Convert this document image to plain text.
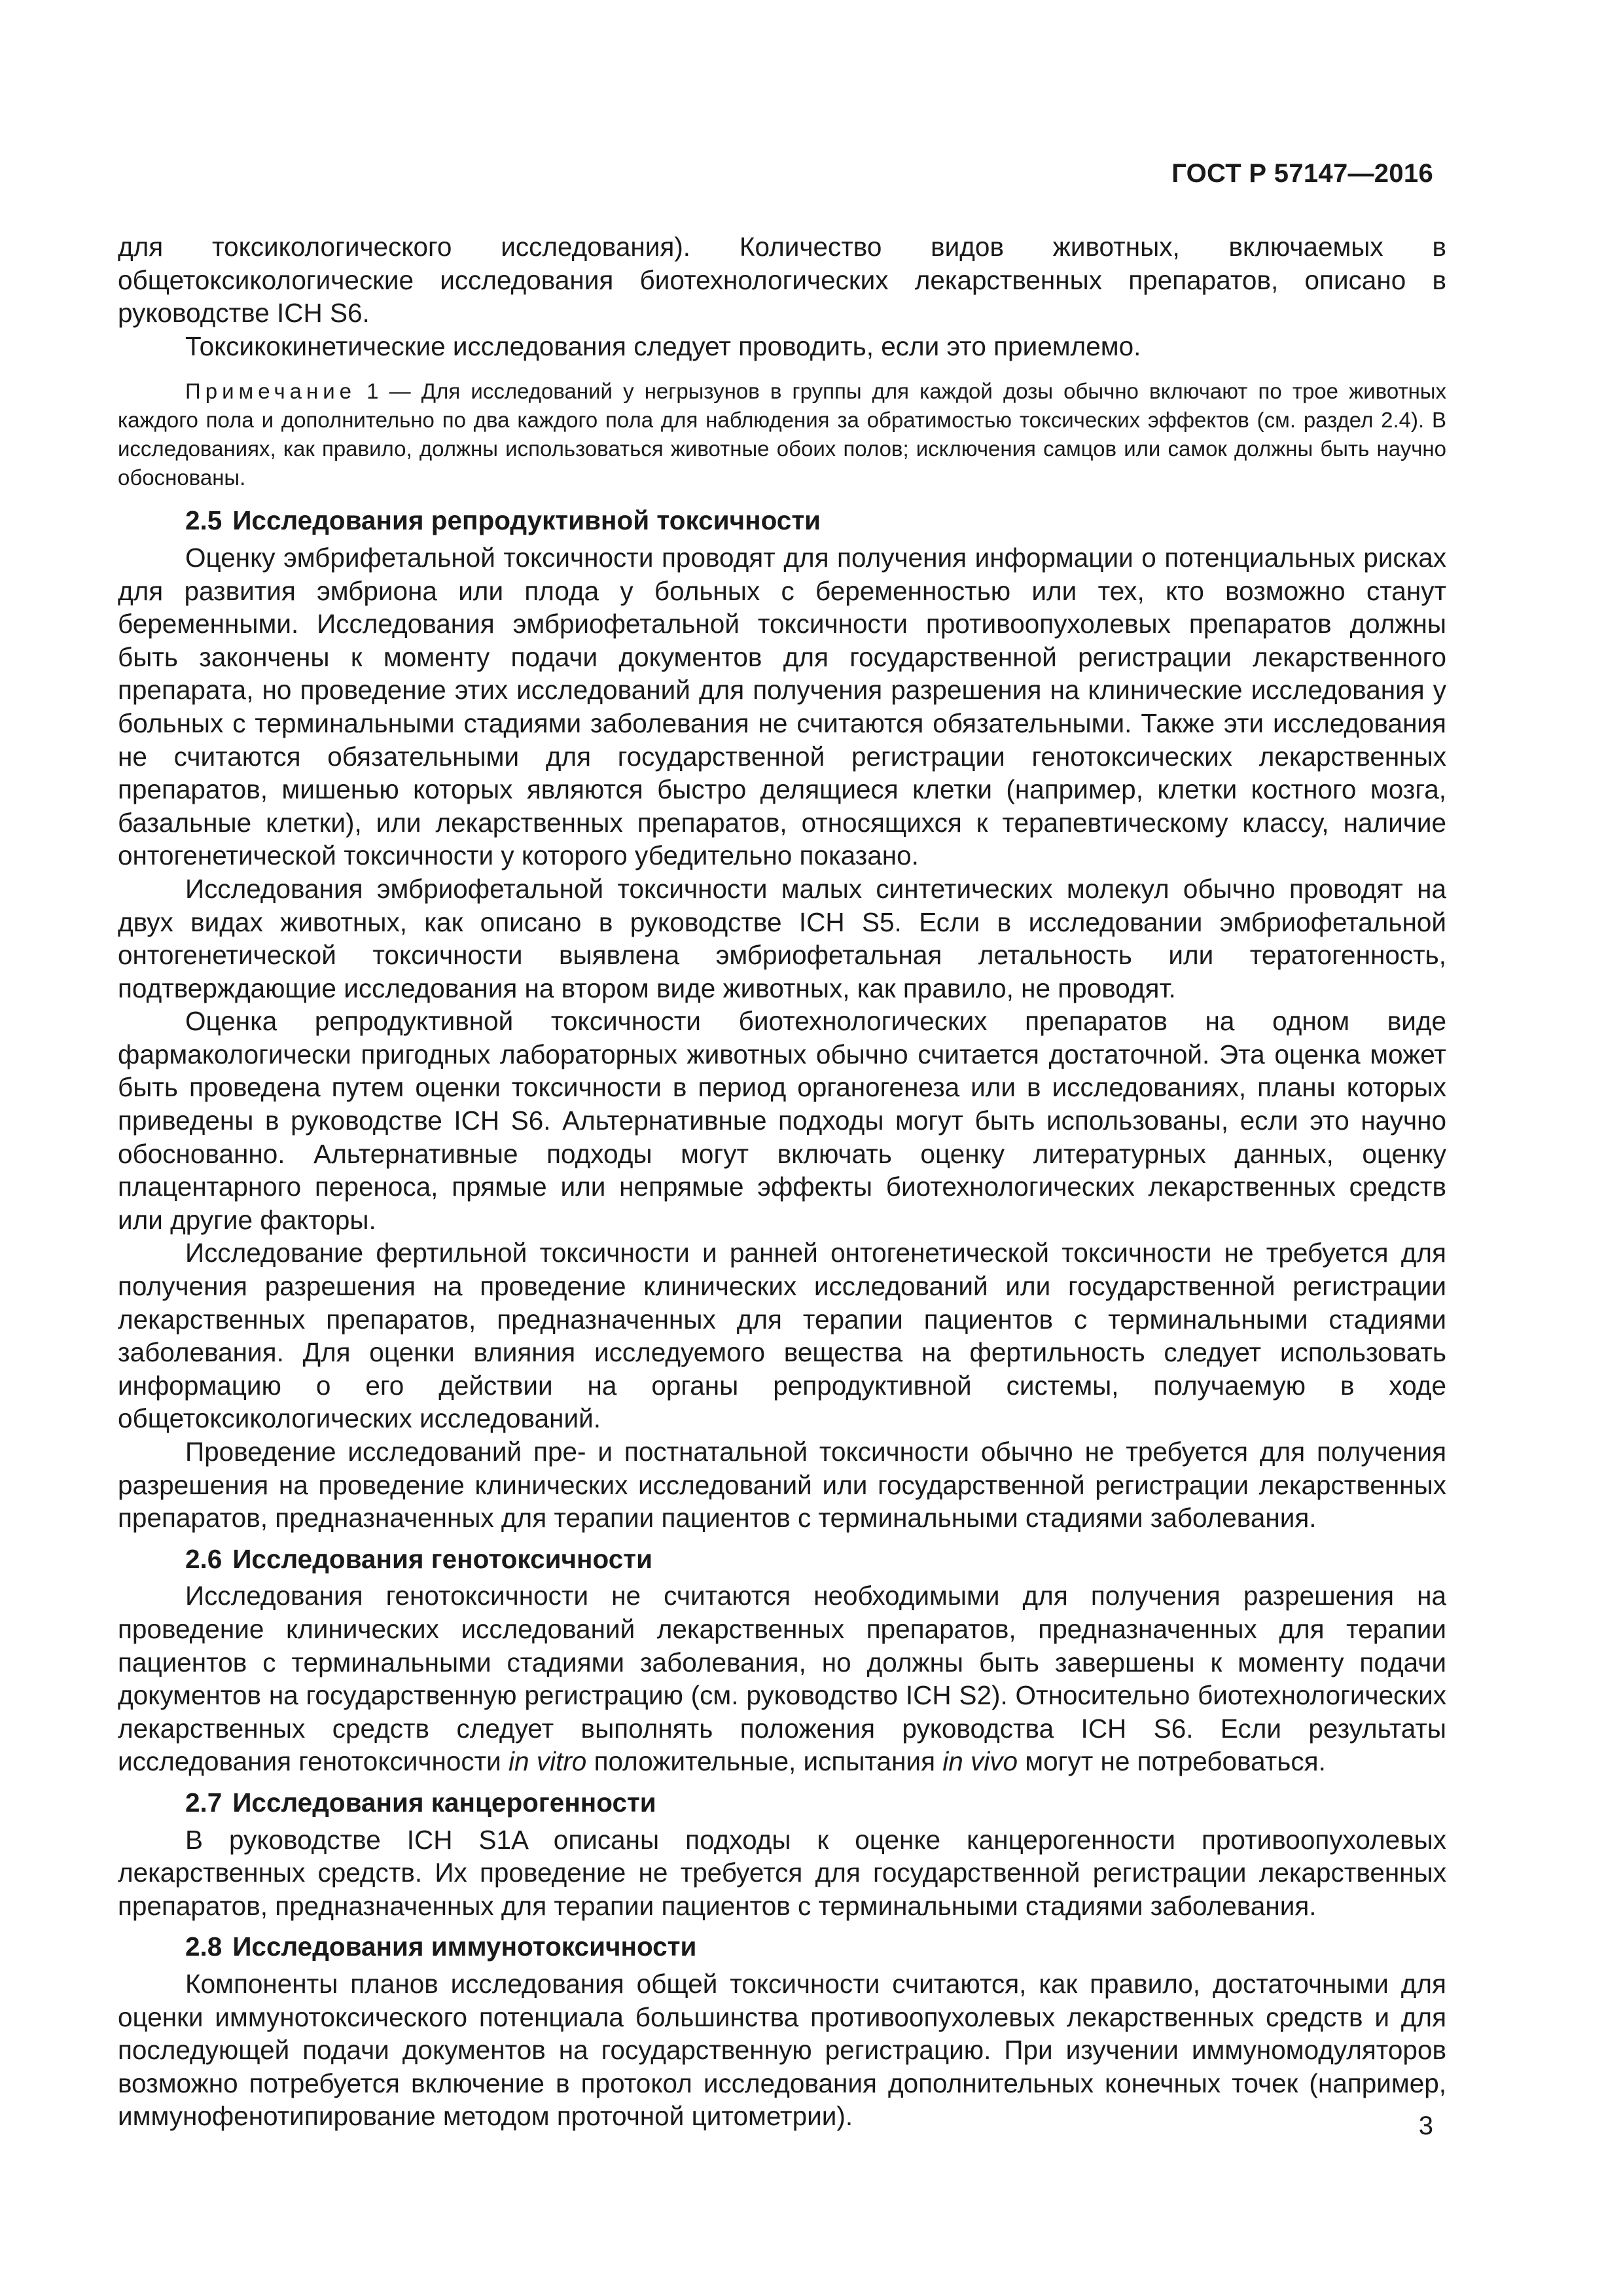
ГОСТ Р 57147—2016

для токсикологического исследования). Количество видов животных, включаемых в общетоксикологические исследования биотехнологических лекарственных препаратов, описано в руководстве ICH S6.

Токсикокинетические исследования следует проводить, если это приемлемо.

Примечание 1 — Для исследований у негрызунов в группы для каждой дозы обычно включают по трое животных каждого пола и дополнительно по два каждого пола для наблюдения за обратимостью токсических эффектов (см. раздел 2.4). В исследованиях, как правило, должны использоваться животные обоих полов; исключения самцов или самок должны быть научно обоснованы.

2.5 Исследования репродуктивной токсичности

Оценку эмбрифетальной токсичности проводят для получения информации о потенциальных рисках для развития эмбриона или плода у больных с беременностью или тех, кто возможно станут беременными. Исследования эмбриофетальной токсичности противоопухолевых препаратов должны быть закончены к моменту подачи документов для государственной регистрации лекарственного препарата, но проведение этих исследований для получения разрешения на клинические исследования у больных с терминальными стадиями заболевания не считаются обязательными. Также эти исследования не считаются обязательными для государственной регистрации генотоксических лекарственных препаратов, мишенью которых являются быстро делящиеся клетки (например, клетки костного мозга, базальные клетки), или лекарственных препаратов, относящихся к терапевтическому классу, наличие онтогенетической токсичности у которого убедительно показано.

Исследования эмбриофетальной токсичности малых синтетических молекул обычно проводят на двух видах животных, как описано в руководстве ICH S5. Если в исследовании эмбриофетальной онтогенетической токсичности выявлена эмбриофетальная летальность или тератогенность, подтверждающие исследования на втором виде животных, как правило, не проводят.

Оценка репродуктивной токсичности биотехнологических препаратов на одном виде фармакологически пригодных лабораторных животных обычно считается достаточной. Эта оценка может быть проведена путем оценки токсичности в период органогенеза или в исследованиях, планы которых приведены в руководстве ICH S6. Альтернативные подходы могут быть использованы, если это научно обоснованно. Альтернативные подходы могут включать оценку литературных данных, оценку плацентарного переноса, прямые или непрямые эффекты биотехнологических лекарственных средств или другие факторы.

Исследование фертильной токсичности и ранней онтогенетической токсичности не требуется для получения разрешения на проведение клинических исследований или государственной регистрации лекарственных препаратов, предназначенных для терапии пациентов с терминальными стадиями заболевания. Для оценки влияния исследуемого вещества на фертильность следует использовать информацию о его действии на органы репродуктивной системы, получаемую в ходе общетоксикологических исследований.

Проведение исследований пре- и постнатальной токсичности обычно не требуется для получения разрешения на проведение клинических исследований или государственной регистрации лекарственных препаратов, предназначенных для терапии пациентов с терминальными стадиями заболевания.

2.6 Исследования генотоксичности

Исследования генотоксичности не считаются необходимыми для получения разрешения на проведение клинических исследований лекарственных препаратов, предназначенных для терапии пациентов с терминальными стадиями заболевания, но должны быть завершены к моменту подачи документов на государственную регистрацию (см. руководство ICH S2). Относительно биотехнологических лекарственных средств следует выполнять положения руководства ICH S6. Если результаты исследования генотоксичности in vitro положительные, испытания in vivo могут не потребоваться.

2.7 Исследования канцерогенности

В руководстве ICH S1A описаны подходы к оценке канцерогенности противоопухолевых лекарственных средств. Их проведение не требуется для государственной регистрации лекарственных препаратов, предназначенных для терапии пациентов с терминальными стадиями заболевания.

2.8 Исследования иммунотоксичности

Компоненты планов исследования общей токсичности считаются, как правило, достаточными для оценки иммунотоксического потенциала большинства противоопухолевых лекарственных средств и для последующей подачи документов на государственную регистрацию. При изучении иммуномодуляторов возможно потребуется включение в протокол исследования дополнительных конечных точек (например, иммунофенотипирование методом проточной цитометрии).	3
